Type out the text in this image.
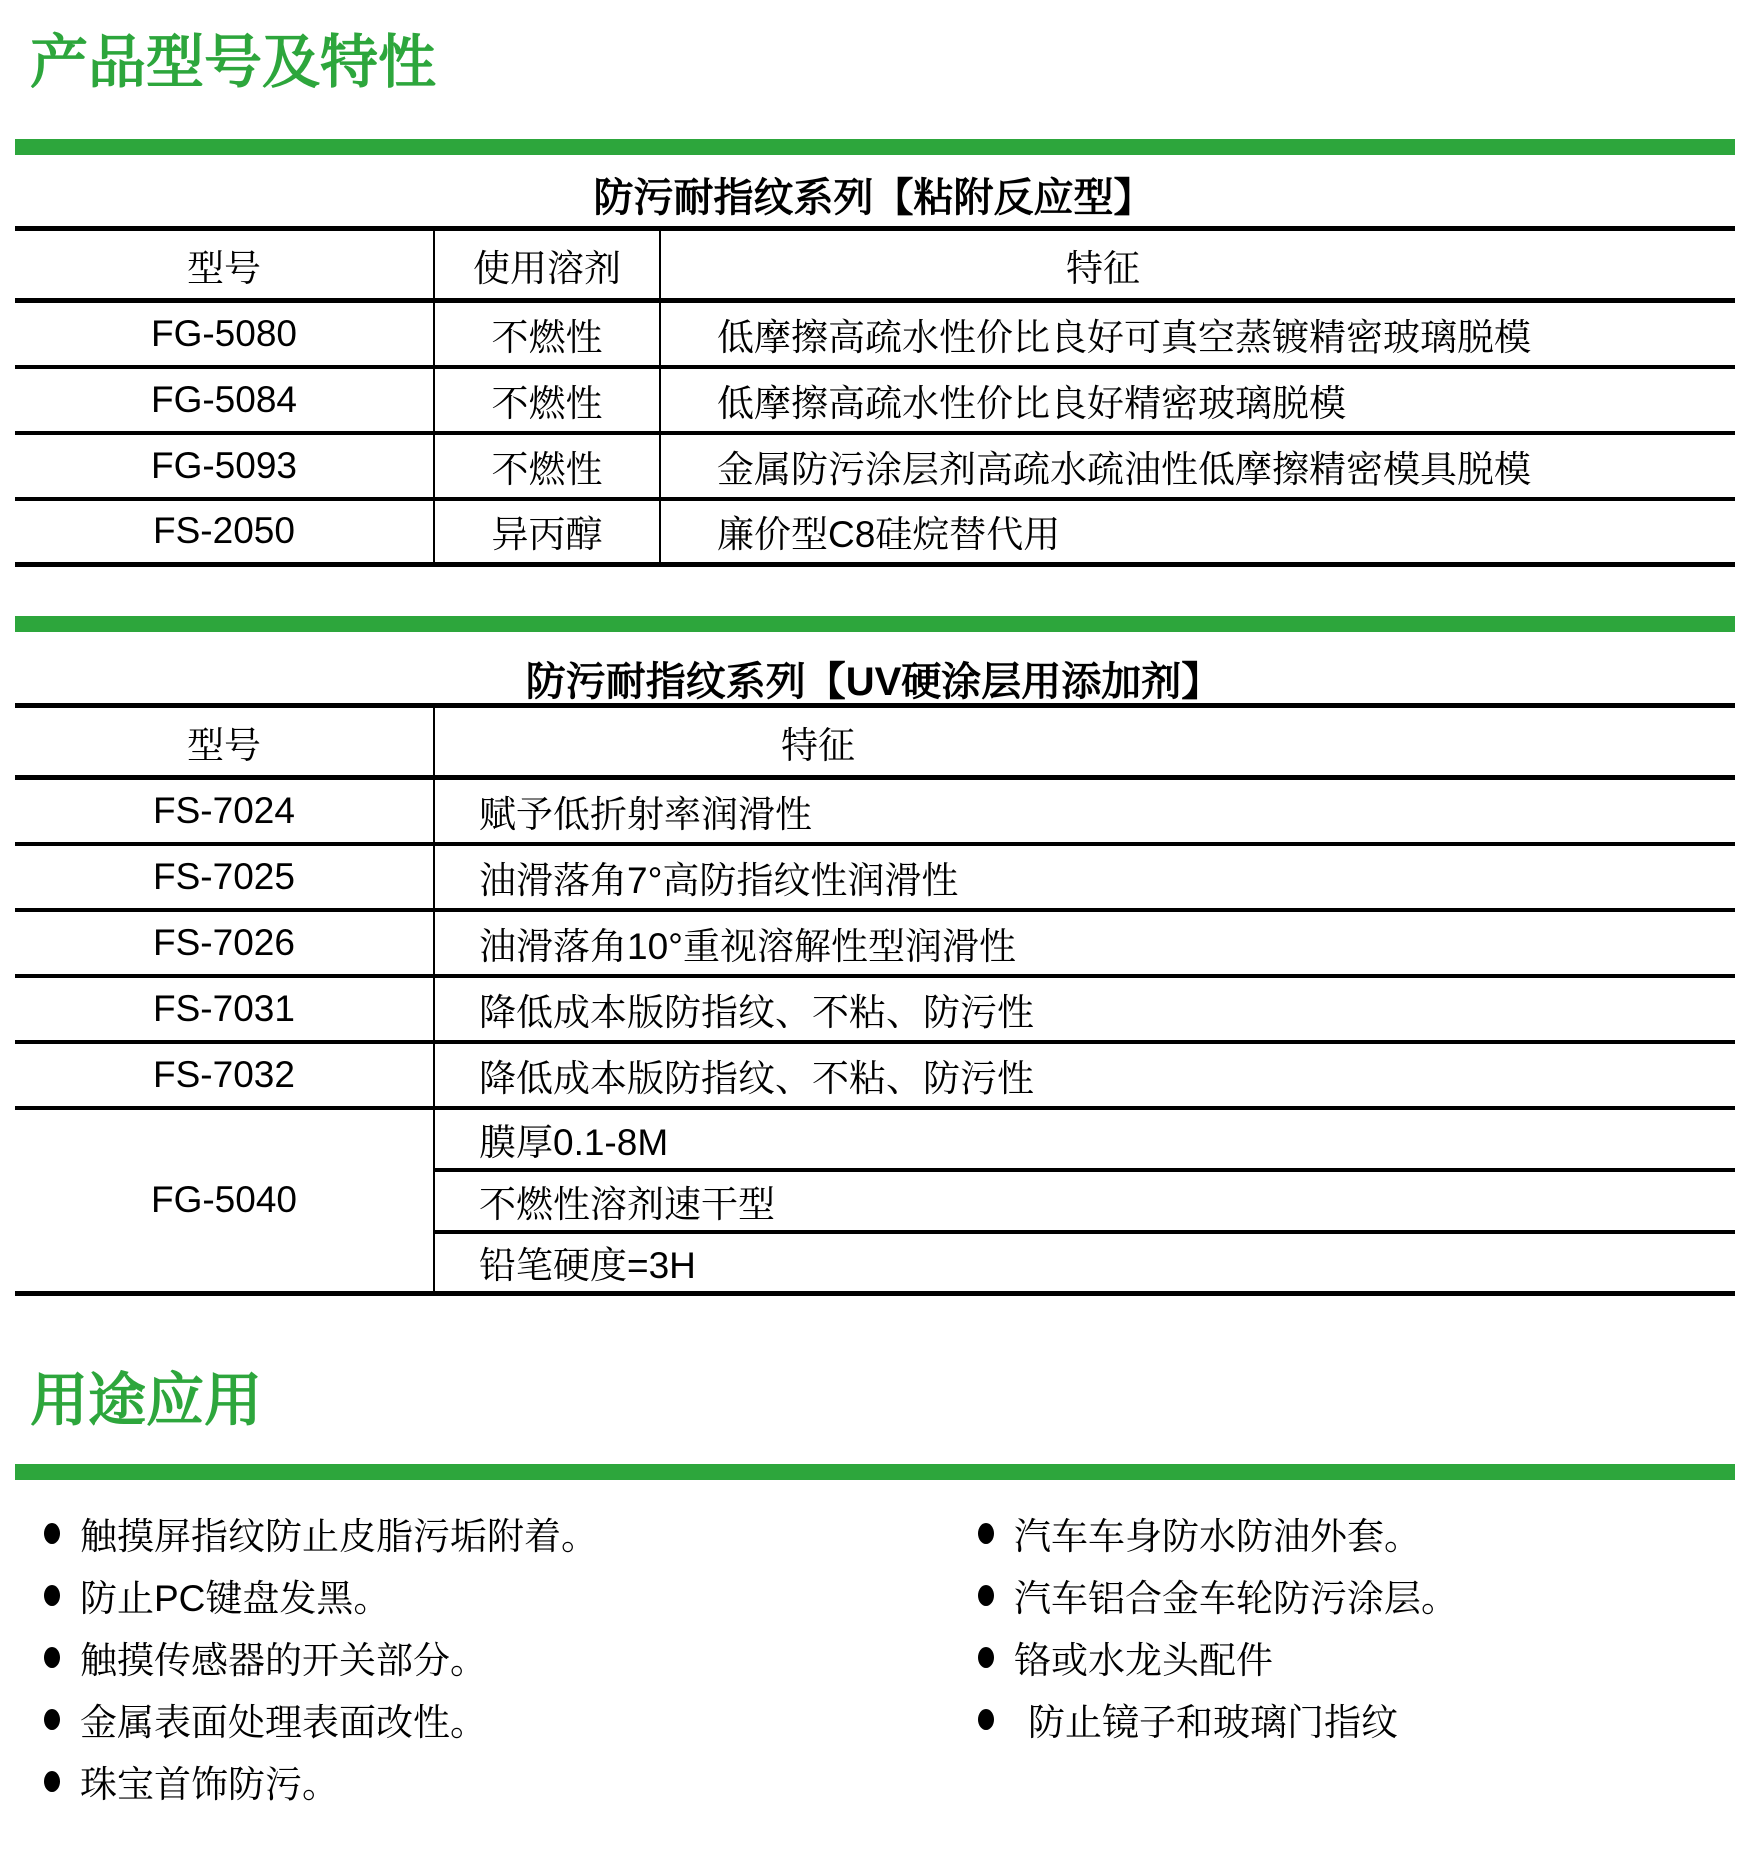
产品型号及特性
防污耐指纹系列【粘附反应型】
型号	使用溶剂	特征
FG-5080	不燃性	低摩擦高疏水性价比良好可真空蒸镀精密玻璃脱模
FG-5084	不燃性	低摩擦高疏水性价比良好精密玻璃脱模
FG-5093	不燃性	金属防污涂层剂高疏水疏油性低摩擦精密模具脱模
FS-2050	异丙醇	廉价型C8硅烷替代用
防污耐指纹系列【UV硬涂层用添加剂】
型号	特征
FS-7024	赋予低折射率润滑性
FS-7025	油滑落角7°高防指纹性润滑性
FS-7026	油滑落角10°重视溶解性型润滑性
FS-7031	降低成本版防指纹、不粘、防污性
FS-7032	降低成本版防指纹、不粘、防污性
FG-5040	膜厚0.1-8M
	不燃性溶剂速干型
	铅笔硬度=3H
用途应用
触摸屏指纹防止皮脂污垢附着。
防止PC键盘发黑。
触摸传感器的开关部分。
金属表面处理表面改性。
珠宝首饰防污。
汽车车身防水防油外套。
汽车铝合金车轮防污涂层。
铬或水龙头配件
防止镜子和玻璃门指纹
